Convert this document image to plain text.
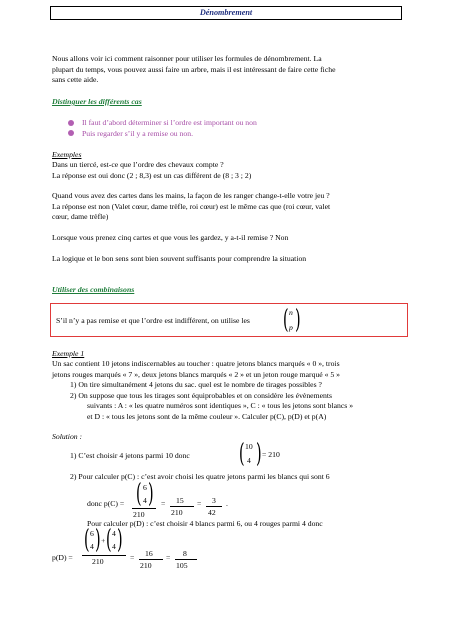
Dénombrement
Nous allons voir ici comment raisonner pour utiliser les formules de dénombrement. La
plupart du temps, vous pouvez aussi faire un arbre, mais il est intéressant de faire cette fiche
sans cette aide.
Distinguer les différents cas
Il faut d’abord déterminer si l’ordre est important ou non
Puis regarder s’il y a remise ou non.
Exemples
Dans un tiercé, est-ce que l’ordre des chevaux compte ?
La réponse est oui donc (2 ; 8,3) est un cas différent de (8 ; 3 ; 2)
Quand vous avez des cartes dans les mains, la façon de les ranger change-t-elle votre jeu ?
La réponse est non (Valet cœur, dame trèfle, roi cœur) est le même cas que (roi cœur, valet
cœur, dame trèfle)
Lorsque vous prenez cinq cartes et que vous les gardez, y a-t-il remise ? Non
La logique et le bon sens sont bien souvent suffisants pour comprendre la situation
Utiliser des combinaisons
S’il n’y a pas remise et que l’ordre est indifférent, on utilise les	( n
p )
Exemple 1
Un sac contient 10 jetons indiscernables au toucher : quatre jetons blancs marqués « 0 », trois
jetons rouges marqués « 7 », deux jetons blancs marqués « 2 » et un jeton rouge marqué « 5 »
1) On tire simultanément 4 jetons du sac. quel est le nombre de tirages possibles ?
2) On suppose que tous les tirages sont équiprobables et on considère les évènements
suivants : A : « les quatre numéros sont identiques », C : « tous les jetons sont blancs »
et D : « tous les jetons sont de la même couleur ». Calculer p(C), p(D) et p(A)
Solution :
1) C’est choisir 4 jetons parmi 10 donc	( 10
4 ) = 210
2) Pour calculer p(C) : c’est avoir choisi les quatre jetons parmi les blancs qui sont 6
donc p(C) = ( 6
4 )
210
= 15
210
= 3
42
.
Pour calculer p(D) : c’est choisir 4 blancs parmi 6, ou 4 rouges parmi 4 donc
p(D) =
( 6
4 ) + ( 4
4 )
210	= 16
210
= 8
105
